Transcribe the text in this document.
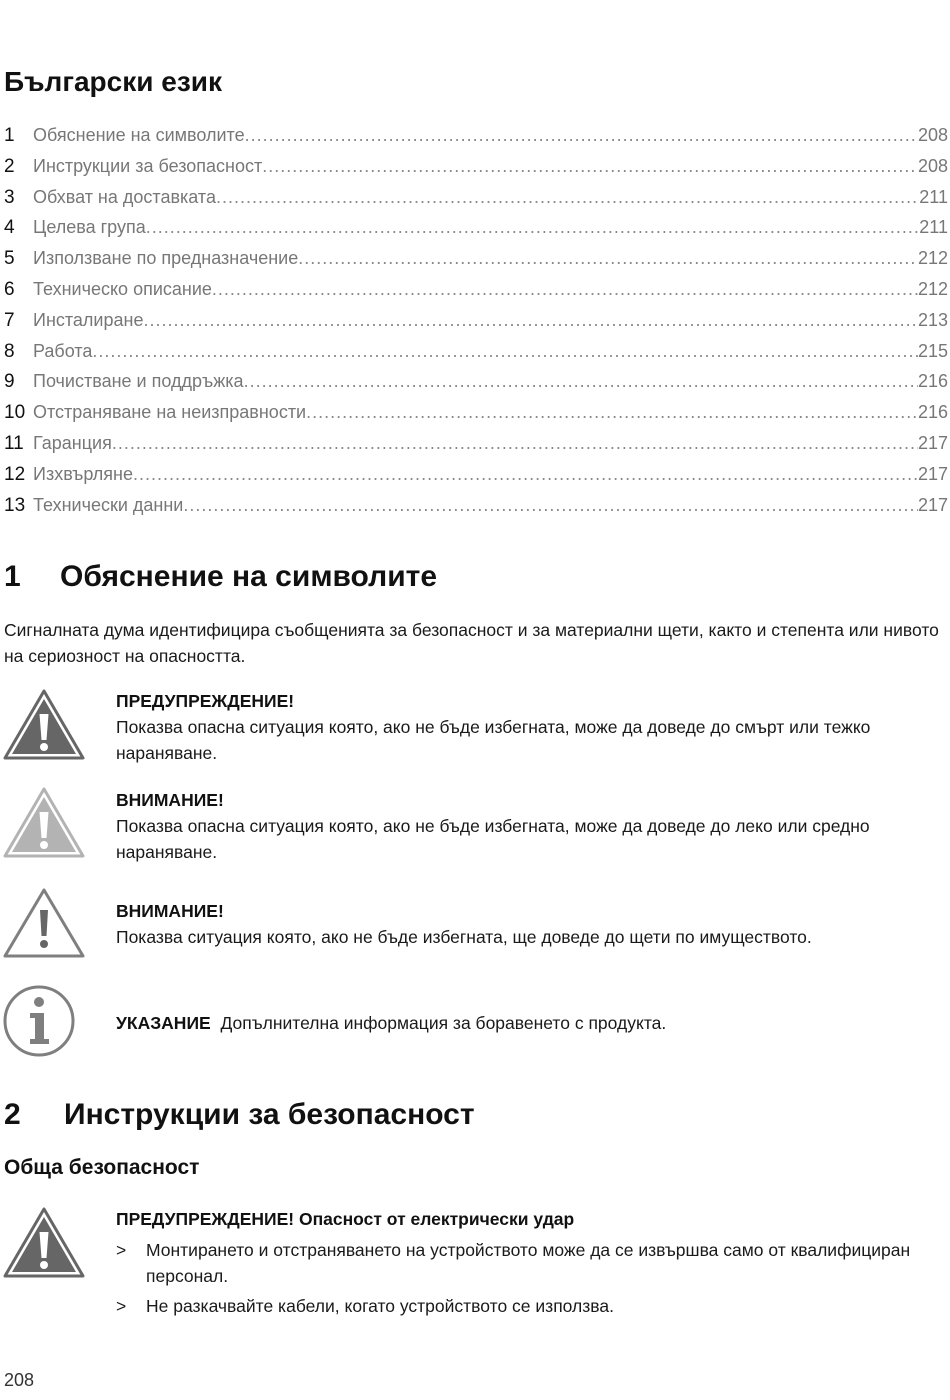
Български език
1	Обяснение на символите .....	208
2	Инструкции за безопасност .....	208
3	Обхват на доставката .....	211
4	Целева група .....	211
5	Използване по предназначение .....	212
6	Техническо описание .....	212
7	Инсталиране .....	213
8	Работа .....	215
9	Почистване и поддръжка .....	216
10 Отстраняване на неизправности .....	216
11 Гаранция .....	217
12 Изхвърляне .....	217
13 Технически данни .....	217
1	Обяснение на символите

Сигналната дума идентифицира съобщенията за безопасност и за материални щети, както и степента или нивото на сериозност на опасността.

ПРЕДУПРЕЖДЕНИЕ!
Показва опасна ситуация която, ако не бъде избегната, може да доведе до смърт или тежко нараняване.
ВНИМАНИЕ!
Показва опасна ситуация която, ако не бъде избегната, може да доведе до леко или средно нараняване.
ВНИМАНИЕ!
Показва ситуация която, ако не бъде избегната, ще доведе до щети по имуществото.
УКАЗАНИЕ Допълнителна информация за боравенето с продукта.
2	Инструкции за безопасност
Обща безопасност
ПРЕДУПРЕЖДЕНИЕ! Опасност от електрически удар
> Монтирането и отстраняването на устройството може да се извършва само от квалифициран персонал.
> Не разкачвайте кабели, когато устройството се използва.
208
